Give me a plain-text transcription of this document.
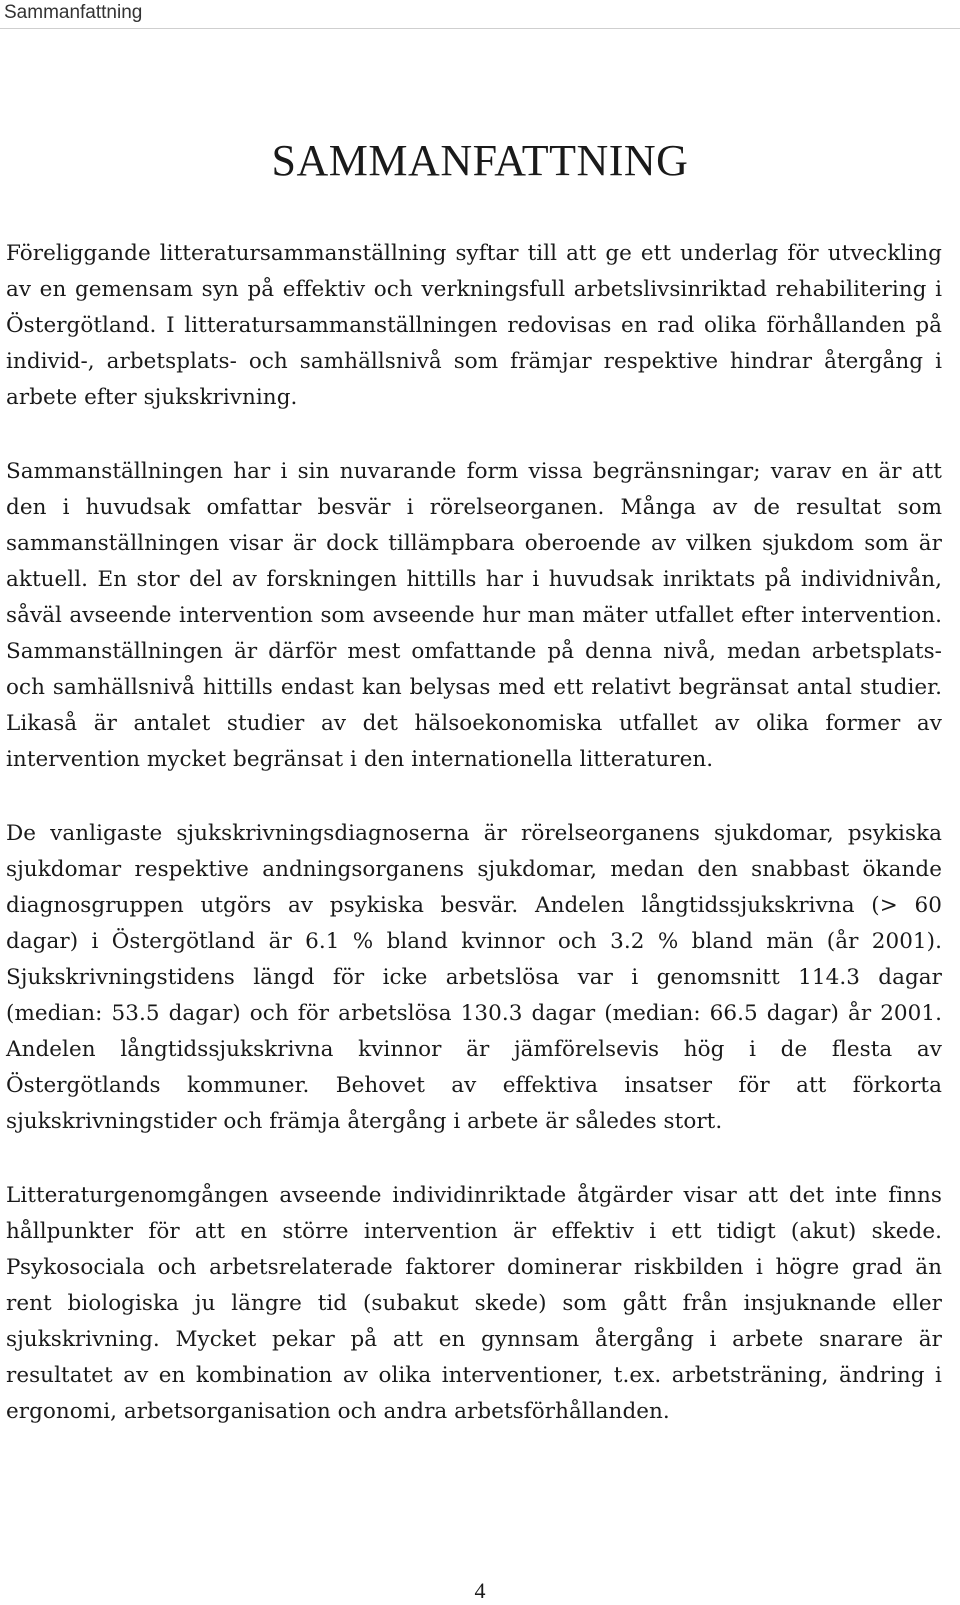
Sammanfattning
SAMMANFATTNING

Föreliggande litteratursammanställning syftar till att ge ett underlag för utveckling av en gemensam syn på effektiv och verkningsfull arbetslivsinriktad rehabilitering i Östergötland. I litteratursammanställningen redovisas en rad olika förhållanden på individ-, arbetsplats- och samhällsnivå som främjar respektive hindrar återgång i arbete efter sjukskrivning.

Sammanställningen har i sin nuvarande form vissa begränsningar; varav en är att den i huvudsak omfattar besvär i rörelseorganen. Många av de resultat som sammanställningen visar är dock tillämpbara oberoende av vilken sjukdom som är aktuell. En stor del av forskningen hittills har i huvudsak inriktats på individnivån, såväl avseende intervention som avseende hur man mäter utfallet efter intervention. Sammanställningen är därför mest omfattande på denna nivå, medan arbetsplats- och samhällsnivå hittills endast kan belysas med ett relativt begränsat antal studier. Likaså är antalet studier av det hälsoekonomiska utfallet av olika former av intervention mycket begränsat i den internationella litteraturen.

De vanligaste sjukskrivningsdiagnoserna är rörelseorganens sjukdomar, psykiska sjukdomar respektive andningsorganens sjukdomar, medan den snabbast ökande diagnosgruppen utgörs av psykiska besvär. Andelen långtidssjukskrivna (> 60 dagar) i Östergötland är 6.1 % bland kvinnor och 3.2 % bland män (år 2001). Sjukskrivningstidens längd för icke arbetslösa var i genomsnitt 114.3 dagar (median: 53.5 dagar) och för arbetslösa 130.3 dagar (median: 66.5 dagar) år 2001. Andelen långtidssjukskrivna kvinnor är jämförelsevis hög i de flesta av Östergötlands kommuner. Behovet av effektiva insatser för att förkorta sjukskrivningstider och främja återgång i arbete är således stort.

Litteraturgenomgången avseende individinriktade åtgärder visar att det inte finns hållpunkter för att en större intervention är effektiv i ett tidigt (akut) skede. Psykosociala och arbetsrelaterade faktorer dominerar riskbilden i högre grad än rent biologiska ju längre tid (subakut skede) som gått från insjuknande eller sjukskrivning. Mycket pekar på att en gynnsam återgång i arbete snarare är resultatet av en kombination av olika interventioner, t.ex. arbetsträning, ändring i ergonomi, arbetsorganisation och andra arbetsförhållanden.

4
